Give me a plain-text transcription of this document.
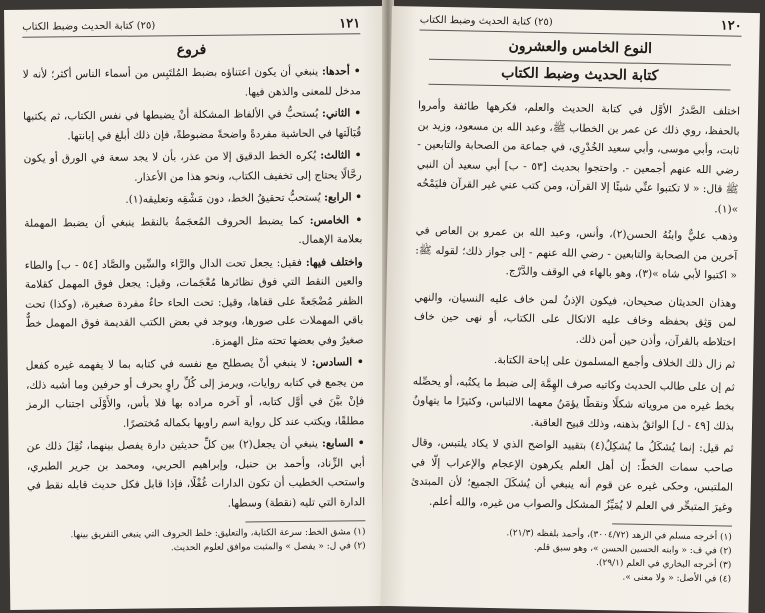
١٢١
(٢٥) كتابة الحديث وضبط الكتاب
فروع

• أحدها: ينبغي أن يكون اعتناؤه بضبط المُلتَبِس من أسماء الناس أكثر؛ لأنه لا مدخل للمعنى والذهن فيها.

• الثاني: يُستحبُّ في الألفاظ المشكلة أنْ يضبطها في نفس الكتاب، ثم يكتبها قُبَالَتها في الحاشية مفردةً واضحةً مضبوطةً، فإن ذلك أبلغ في إبانتها.

• الثالث: يُكره الخط الدقيق إلا من عذر، بأن لا يجد سعة في الورق أو يكون رحَّالًا يحتاج إلى تخفيف الكتاب، ونحو هذا من الأعذار.

• الرابع: يُستحبُّ تحقيقُ الخط، دون مَشْقِه وتعليقه(١).

• الخامس: كما يضبط الحروف المُعجَمةُ بالنقط ينبغي أن يضبط المهملة بعلامة الإهمال.

واختلف فيها: فقيل: يجعل تحت الدال والرَّاء والسِّين والصَّاد [٥٤ - ب] والطاء والعين النقط التي فوق نظائرها مُعْجَمات، وقيل: يجعل فوق المهمل كقلامة الظفر مُضْجَعةً على قفاها، وقيل: تحت الحاء حاءٌ مفردة صغيرة، (وكذا) تحت باقي المهملات على صورها، ويوجد في بعض الكتب القديمة فوق المهمل خطٌّ صغيرٌ وفي بعضها تحته مثل الهمزة.

• السادس: لا ينبغي أنْ يصطلح مع نفسه في كتابه بما لا يفهمه غيره كفعل من يجمع في كتابه روايات، ويرمز إلى كُلِّ راوٍ بحرف أو حرفين وما أشبه ذلك، فإنْ بيَّنَ في أوَّل كتابه، أو آخره مراده بها فلا بأس، والأَوْلَى اجتناب الرمز مطلقًا، ويكتب عند كل رواية اسم راويها بكماله مُختصرًا.

• السابع: ينبغي أن يجعل(٢) بين كلِّ حديثين دارة يفصل بينهما، نُقِلَ ذلك عن أبي الزِّناد، وأحمد بن حنبل، وإبراهيم الحربي، ومحمد بن جرير الطبري، واستحب الخطيب أن تكون الدارات غُفْلًا، فإذا قابل فكل حديث قابله نقط في الدارة التي تليه (نقطة) وسطها.

(١) مشق الخط: سرعة الكتابة، والتعليق: خلط الحروف التي ينبغي التفريق بينها.

(٢) في ل: « يفصل » والمثبت موافق لعلوم الحديث.

١٢٠
(٢٥) كتابة الحديث وضبط الكتاب
النوع الخامس والعشرون
كتابة الحديث وضبط الكتاب

اختلف الصَّدرُ الأوَّل في كتابة الحديث والعلم، فكرهها طائفة وأمروا بالحفظ، روي ذلك عن عمر بن الخطاب ﷺ، وعبد الله بن مسعود، وزيد بن ثابت، وأبي موسى، وأبي سعيد الخُدْرِي، في جماعة من الصحابة والتابعين - رضي الله عنهم أجمعين -. واحتجوا بحديث [٥٣ - ب] أبي سعيد أن النبي ﷺ قال: « لا تكتبوا عنِّي شيئًا إلا القرآن، ومن كتب عني غير القرآن فليَمْحُه »(١).

وذهب عليٌّ وابنُهُ الحسن(٢)، وأنس، وعبد الله بن عمرو بن العاص في آخرين من الصحابة والتابعين - رضي الله عنهم - إلى جواز ذلك؛ لقوله ﷺ: « اكتبوا لأبي شاه »(٣)، وهو بالهاء في الوقف والدَّرْج.

وهذان الحديثان صحيحان، فيكون الإذنُ لمن خاف عليه النسيان، والنهي لمن وَثِق بحفظه وخاف عليه الاتكال على الكتاب، أو نهى حين خاف اختلاطه بالقرآن، وأذن حين أمن ذلك.

ثم زال ذلك الخلاف وأجمع المسلمون على إباحة الكتابة.

ثم إن على طالب الحديث وكاتبه صرف الهِمَّة إلى ضبط ما يكتُبه، أو يحصِّله بخط غيره من مروياته شكلًا ونقطًا يؤمَنُ معهما الالتباس، وكثيرًا ما يتهاونُ بذلك [٤٩ - ل] الواثقُ بذهنه، وذلك قبيح العاقبة.

ثم قيل: إنما يُشكَلُ ما يُشكِلُ(٤) بتقييد الواضح الذي لا يكاد يلتبس، وقال صاحب سمات الخطّ: إن أهل العلم يكرهون الإعجام والإعراب إلّا في الملتبس، وحكى غيره عن قوم أنه ينبغي أن يُشكَلَ الجميع؛ لأن المبتدئ وغيرَ المتبحِّر في العلم لا يُمَيِّزُ المشكل والصواب من غيره، والله أعلم.

(١) أخرجه مسلم في الزهد (٣٠٠٤/٧٢)، وأحمد بلفظه (٢١/٣).

(٢) في ف: « وابنه الحسين الحسن »، وهو سبق قلم.

(٣) أخرجه البخاري في العلم (٢٩/١).

(٤) في الأصل: « ولا معنى ».
